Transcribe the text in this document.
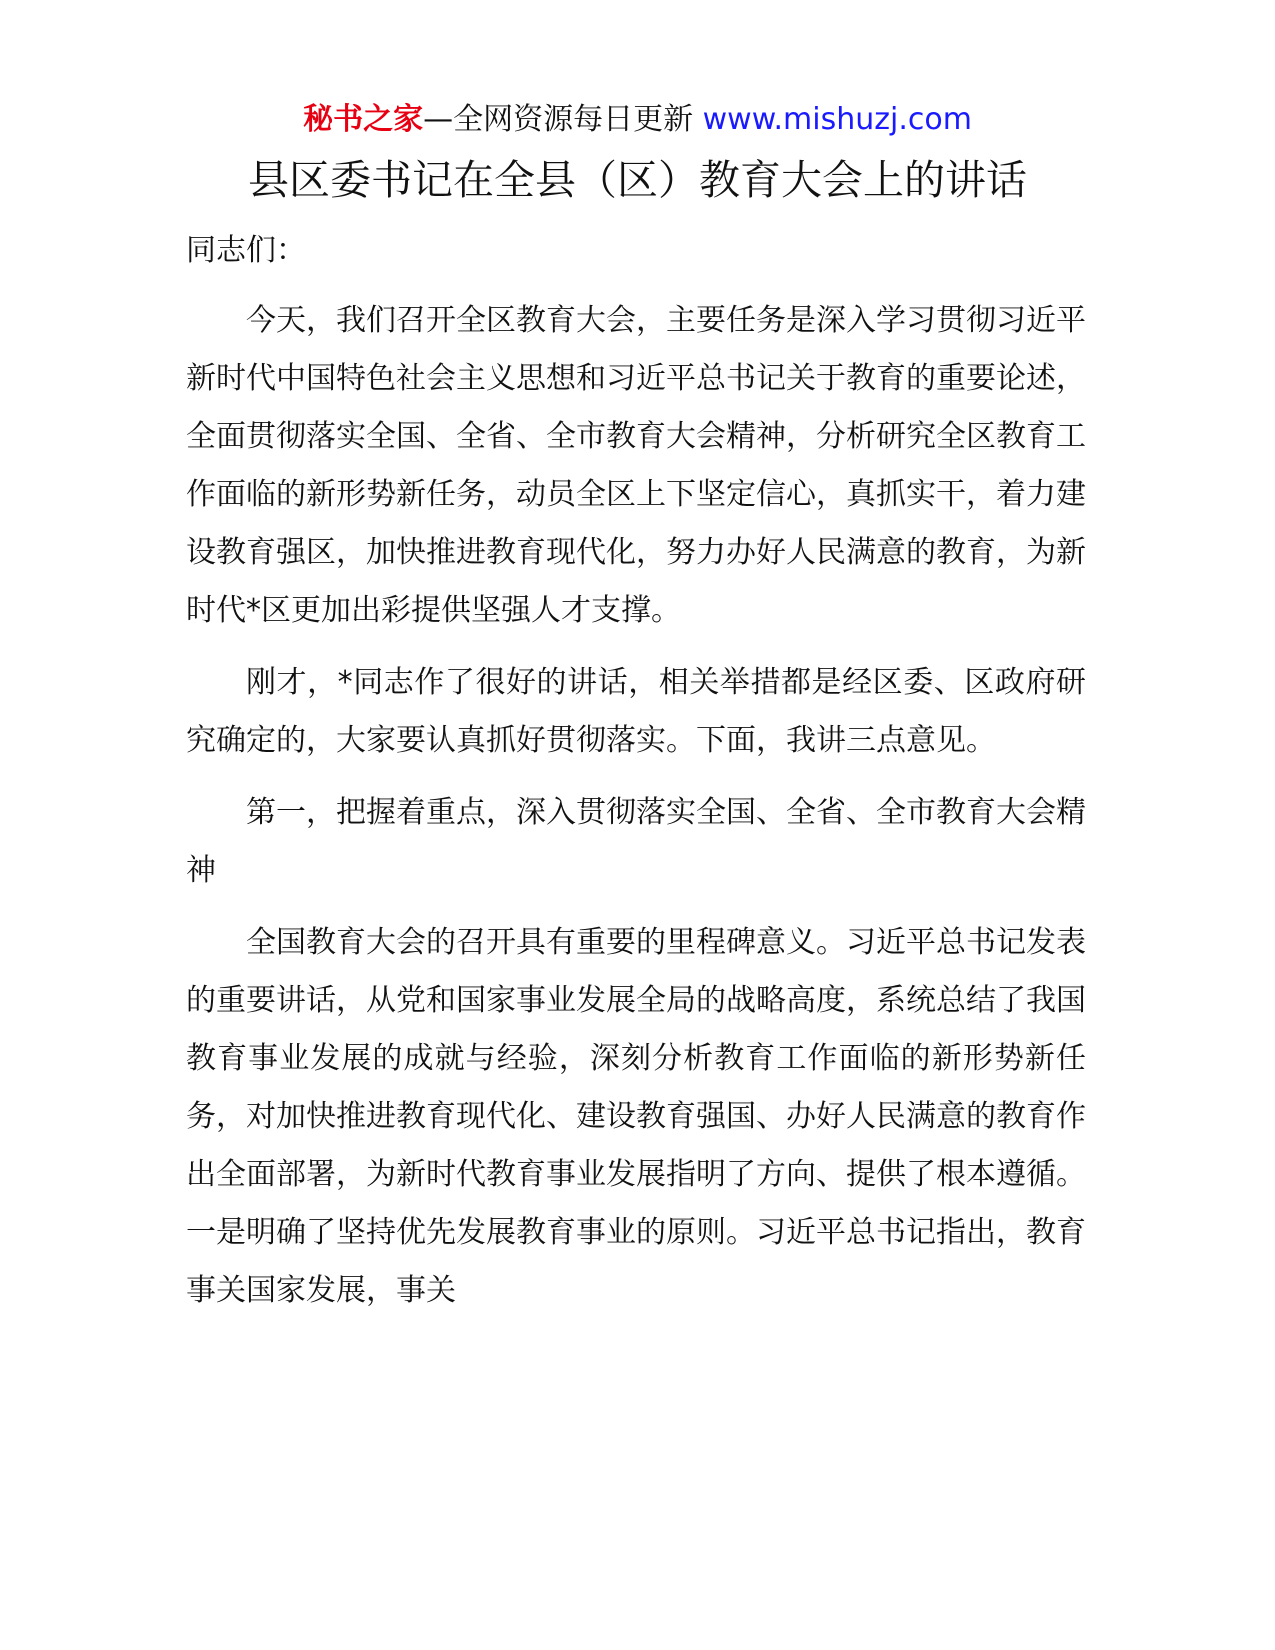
秘书之家—全网资源每日更新 www.mishuzj.com
县区委书记在全县（区）教育大会上的讲话

同志们：

今天，我们召开全区教育大会，主要任务是深入学习贯彻习近平新时代中国特色社会主义思想和习近平总书记关于教育的重要论述，全面贯彻落实全国、全省、全市教育大会精神，分析研究全区教育工作面临的新形势新任务，动员全区上下坚定信心，真抓实干，着力建设教育强区，加快推进教育现代化，努力办好人民满意的教育，为新时代*区更加出彩提供坚强人才支撑。

刚才，*同志作了很好的讲话，相关举措都是经区委、区政府研究确定的，大家要认真抓好贯彻落实。下面，我讲三点意见。

第一，把握着重点，深入贯彻落实全国、全省、全市教育大会精神

全国教育大会的召开具有重要的里程碑意义。习近平总书记发表的重要讲话，从党和国家事业发展全局的战略高度，系统总结了我国教育事业发展的成就与经验，深刻分析教育工作面临的新形势新任务，对加快推进教育现代化、建设教育强国、办好人民满意的教育作出全面部署，为新时代教育事业发展指明了方向、提供了根本遵循。一是明确了坚持优先发展教育事业的原则。习近平总书记指出，教育事关国家发展，事关
